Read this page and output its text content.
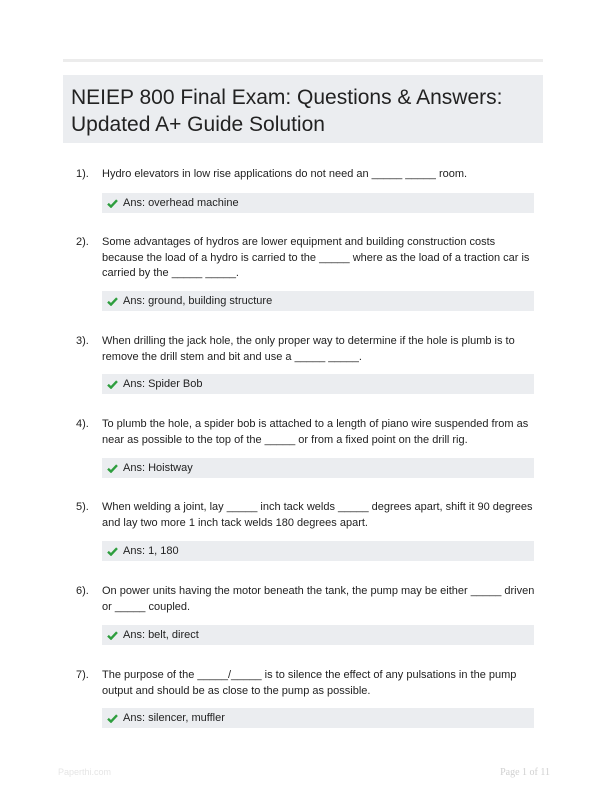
NEIEP 800 Final Exam: Questions & Answers:
Updated A+ Guide Solution
1). Hydro elevators in low rise applications do not need an _____ _____ room.
Ans: overhead machine
2). Some advantages of hydros are lower equipment and building construction costs because the load of a hydro is carried to the _____ where as the load of a traction car is carried by the _____ _____.
Ans: ground, building structure
3). When drilling the jack hole, the only proper way to determine if the hole is plumb is to remove the drill stem and bit and use a _____ _____.
Ans: Spider Bob
4). To plumb the hole, a spider bob is attached to a length of piano wire suspended from as near as possible to the top of the _____ or from a fixed point on the drill rig.
Ans: Hoistway
5). When welding a joint, lay _____ inch tack welds _____ degrees apart, shift it 90 degrees and lay two more 1 inch tack welds 180 degrees apart.
Ans: 1, 180
6). On power units having the motor beneath the tank, the pump may be either _____ driven or _____ coupled.
Ans: belt, direct
7). The purpose of the _____/_____ is to silence the effect of any pulsations in the pump output and should be as close to the pump as possible.
Ans: silencer, muffler
Paperthi.com	Page 1 of 11
